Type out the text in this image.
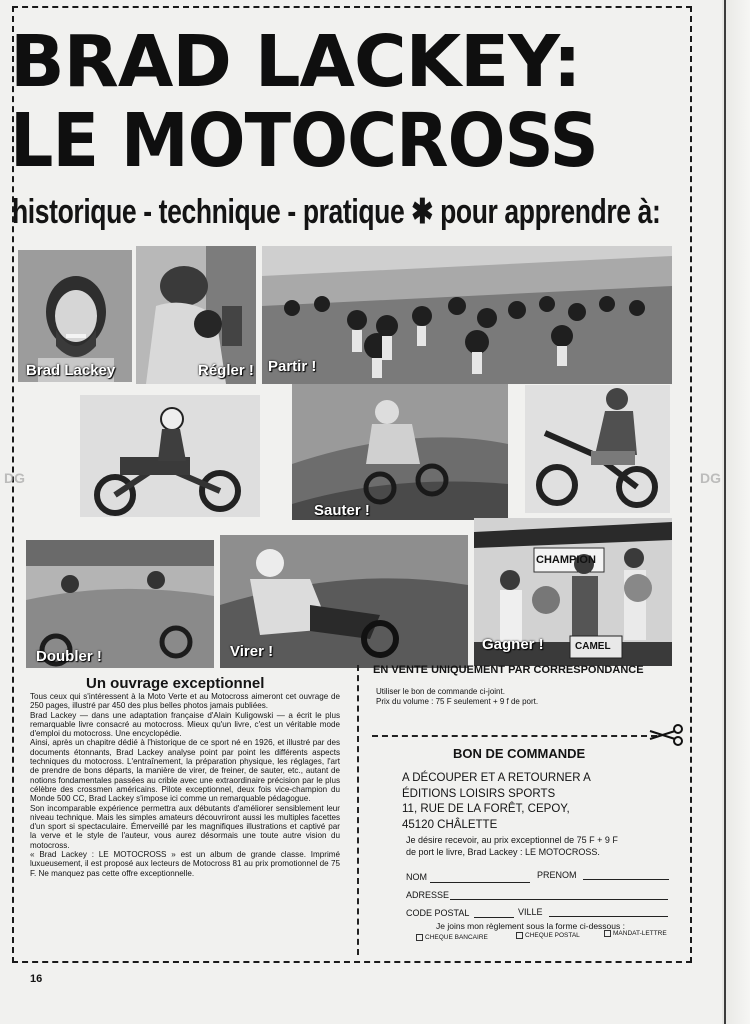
BRAD LACKEY:
LE MOTOCROSS
historique - technique - pratique ✱ pour apprendre à:
Brad Lackey	Régler ! Partir !
Sauter !
Doubler !	Virer !
CHAMPION
CAMEL
Gagner !
DG	DG
Un ouvrage exceptionnel

Tous ceux qui s'intéressent à la Moto Verte et au Motocross aimeront cet ouvrage de 250 pages, illustré par 450 des plus belles photos jamais publiées.

Brad Lackey — dans une adaptation française d'Alain Kuligowski — a écrit le plus remarquable livre consacré au motocross. Mieux qu'un livre, c'est un véritable mode d'emploi du motocross. Une encyclopédie.

Ainsi, après un chapitre dédié à l'historique de ce sport né en 1926, et illustré par des documents étonnants, Brad Lackey analyse point par point les différents aspects techniques du motocross. L'entraînement, la préparation physique, les réglages, l'art de prendre de bons départs, la manière de virer, de freiner, de sauter, etc., autant de notions fondamentales passées au crible avec une extraordinaire précision par le plus célèbre des crossmen américains. Pilote exceptionnel, deux fois vice-champion du Monde 500 CC, Brad Lackey s'impose ici comme un remarquable pédagogue.

Son incomparable expérience permettra aux débutants d'améliorer sensiblement leur niveau technique. Mais les simples amateurs découvriront aussi les multiples facettes d'un sport si spectaculaire. Émerveillé par les magnifiques illustrations et captivé par la verve et le style de l'auteur, vous aurez désormais une toute autre vision du motocross.

« Brad Lackey : LE MOTOCROSS » est un album de grande classe. Imprimé luxueusement, il est proposé aux lecteurs de Motocross 81 au prix promotionnel de 75 F. Ne manquez pas cette offre exceptionnelle.

EN VENTE UNIQUEMENT PAR CORRESPONDANCE
Utiliser le bon de commande ci-joint.
Prix du volume : 75 F seulement + 9 f de port.
BON DE COMMANDE
A DÉCOUPER ET A RETOURNER A
ÉDITIONS LOISIRS SPORTS
11, RUE DE LA FORÊT, CEPOY,
45120 CHÂLETTE
Je désire recevoir, au prix exceptionnel de 75 F + 9 F
de port le livre, Brad Lackey : LE MOTOCROSS.
NOM	PRENOM
ADRESSE
CODE POSTAL	VILLE
Je joins mon règlement sous la forme ci-dessous :
CHEQUE BANCAIRE	CHEQUE POSTAL	MANDAT-LETTRE
16
